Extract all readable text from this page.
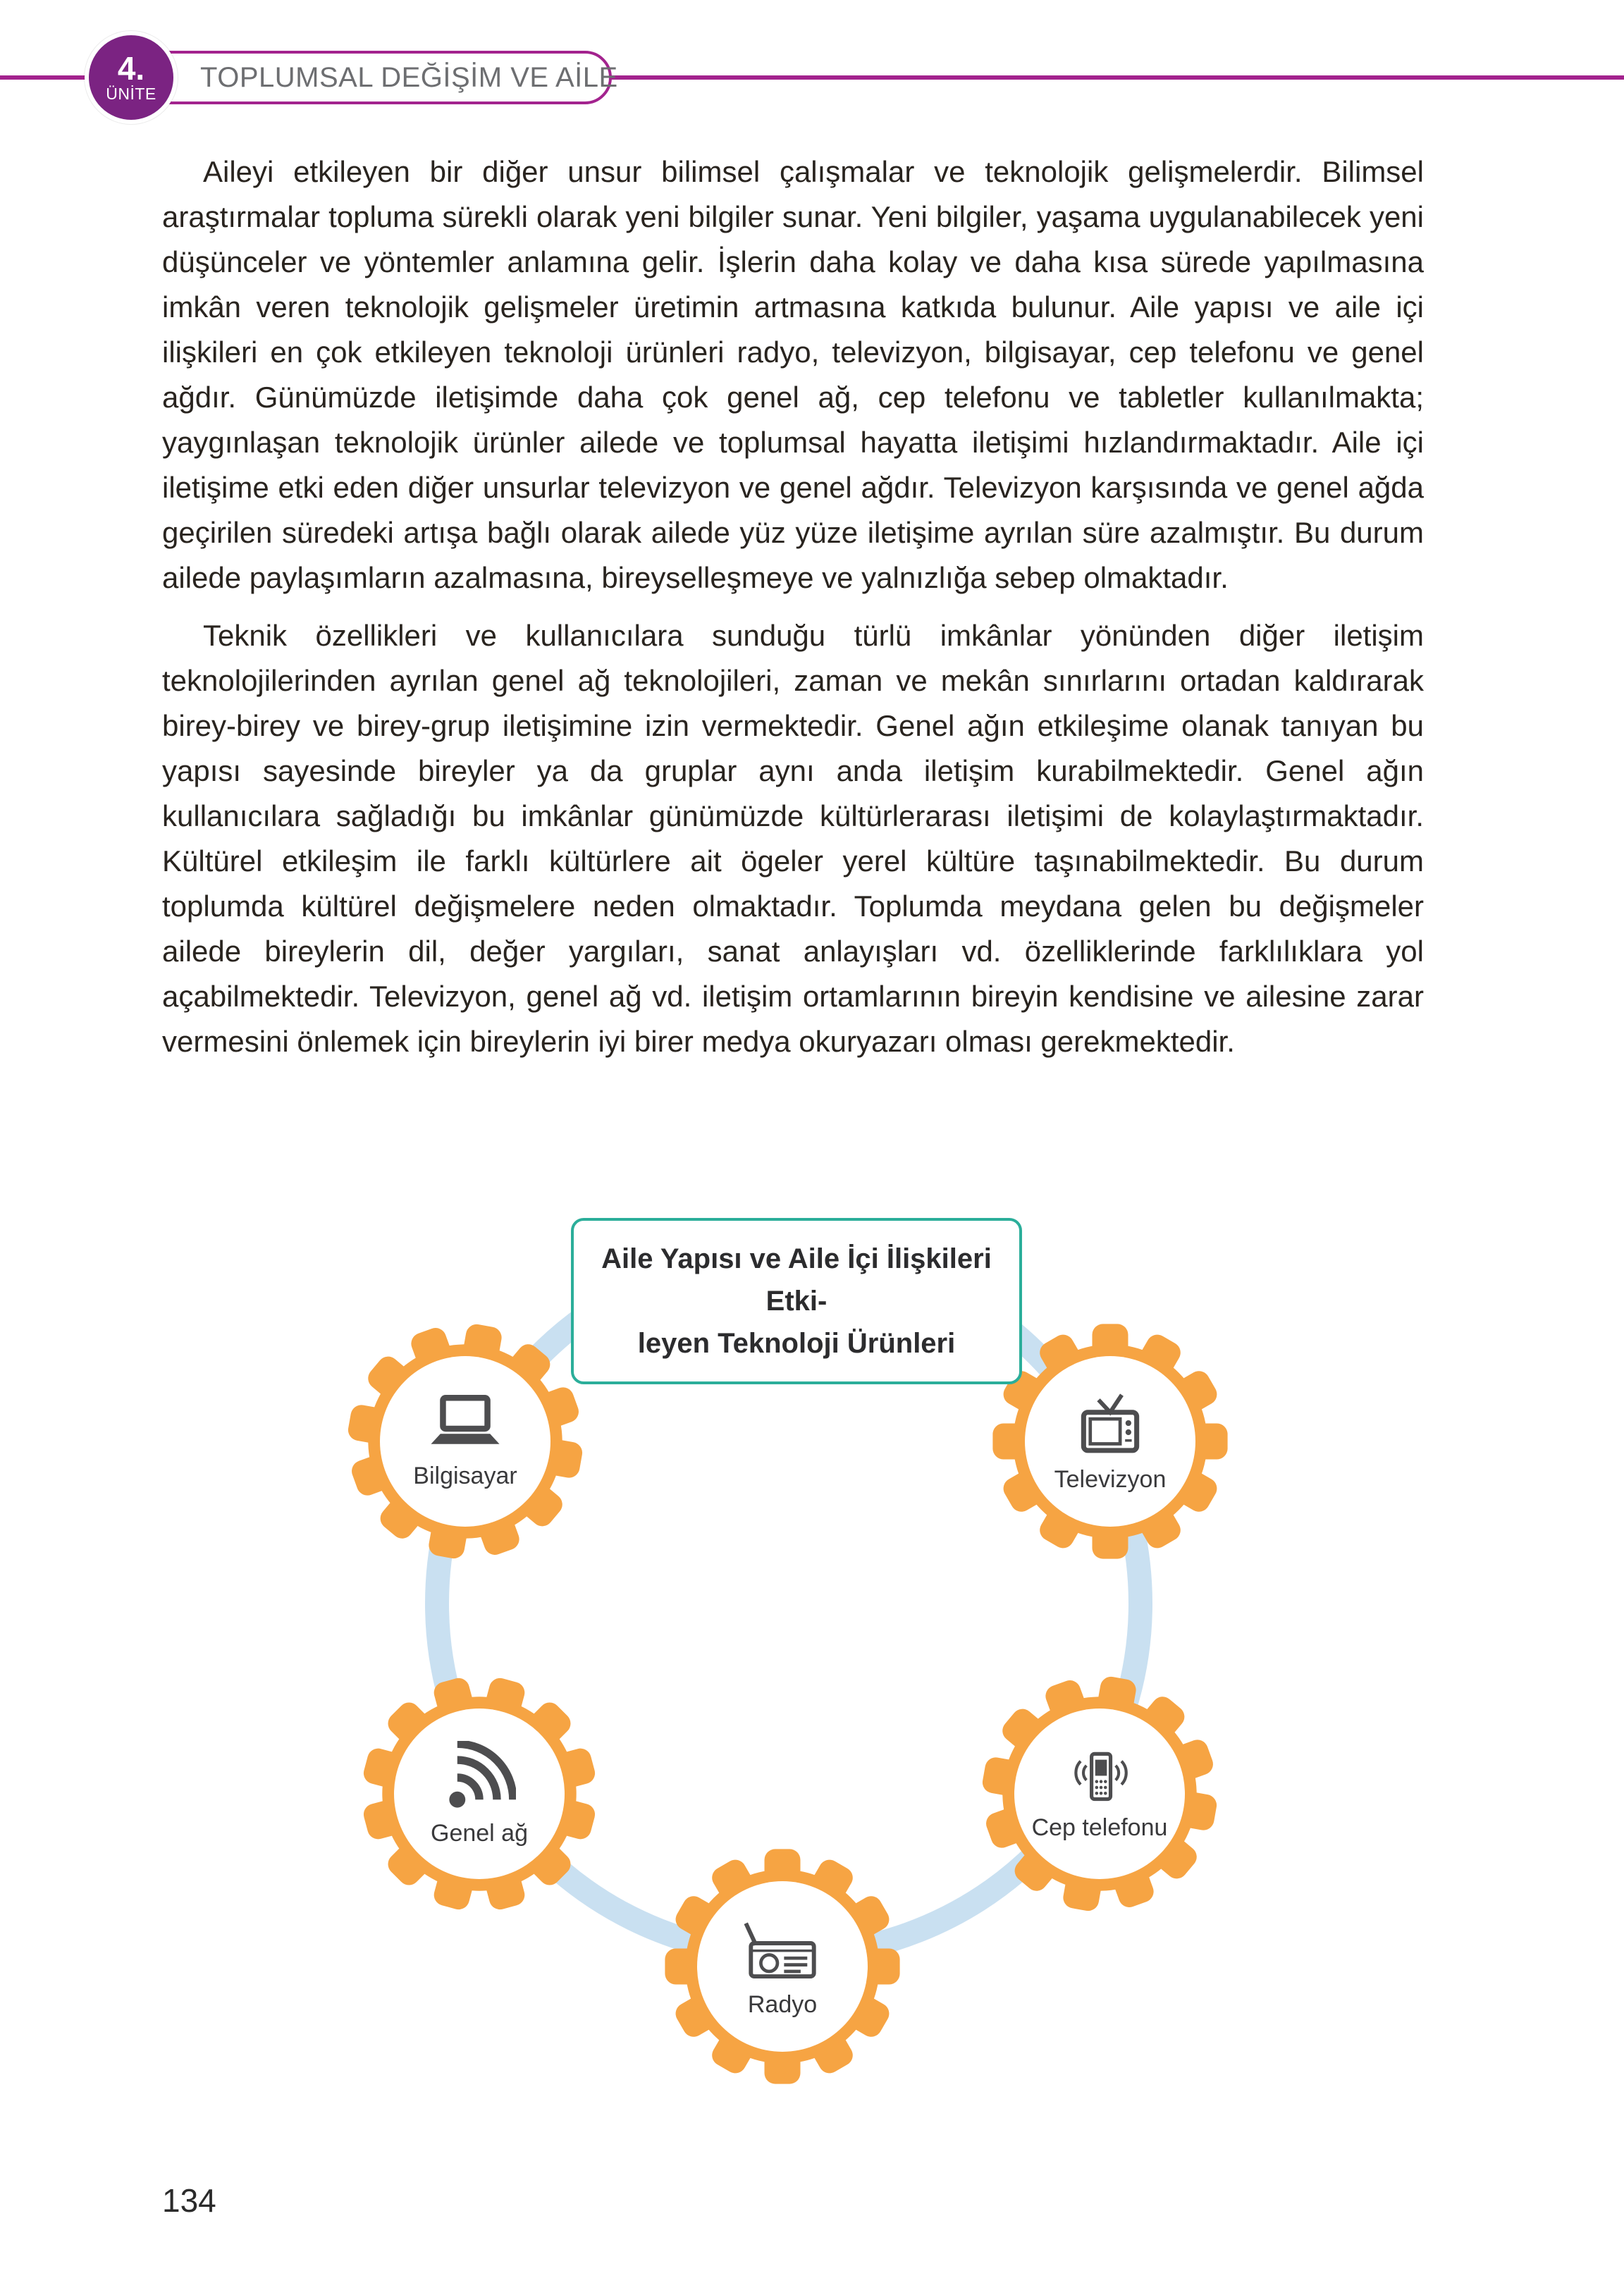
TOPLUMSAL DEĞİŞİM VE AİLE
4.
ÜNİTE

Aileyi etkileyen bir diğer unsur bilimsel çalışmalar ve teknolojik gelişmelerdir. Bilimsel araştırmalar topluma sürekli olarak yeni bilgiler sunar. Yeni bilgiler, yaşama uygulanabilecek yeni düşünceler ve yöntemler anlamına gelir. İşlerin daha kolay ve daha kısa sürede yapılmasına imkân veren teknolojik gelişmeler üretimin artmasına katkıda bulunur. Aile yapısı ve aile içi ilişkileri en çok etkileyen teknoloji ürünleri radyo, televizyon, bilgisayar, cep telefonu ve genel ağdır. Günümüzde iletişimde daha çok genel ağ, cep telefonu ve tabletler kullanılmakta; yaygınlaşan teknolojik ürünler ailede ve toplumsal hayatta iletişimi hızlandırmaktadır. Aile içi iletişime etki eden diğer unsurlar televizyon ve genel ağdır. Televizyon karşısında ve genel ağda geçirilen süredeki artışa bağlı olarak ailede yüz yüze iletişime ayrılan süre azalmıştır. Bu durum ailede paylaşımların azalmasına, bireyselleşmeye ve yalnızlığa sebep olmaktadır.

Teknik özellikleri ve kullanıcılara sunduğu türlü imkânlar yönünden diğer iletişim teknolojilerinden ayrılan genel ağ teknolojileri, zaman ve mekân sınırlarını ortadan kaldırarak birey-birey ve birey-grup iletişimine izin vermektedir. Genel ağın etkileşime olanak tanıyan bu yapısı sayesinde bireyler ya da gruplar aynı anda iletişim kurabilmektedir. Genel ağın kullanıcılara sağladığı bu imkânlar günümüzde kültürlerarası iletişimi de kolaylaştırmaktadır. Kültürel etkileşim ile farklı kültürlere ait ögeler yerel kültüre taşınabilmektedir. Bu durum toplumda kültürel değişmelere neden olmaktadır. Toplumda meydana gelen bu değişmeler ailede bireylerin dil, değer yargıları, sanat anlayışları vd. özelliklerinde farklılıklara yol açabilmektedir. Televizyon, genel ağ vd. iletişim ortamlarının bireyin kendisine ve ailesine zarar vermesini önlemek için bireylerin iyi birer medya okuryazarı olması gerekmektedir.

Aile Yapısı ve Aile İçi İlişkileri Etki-
leyen Teknoloji Ürünleri
Bilgisayar	Televizyon
Genel ağ	Cep telefonu
Radyo
134
